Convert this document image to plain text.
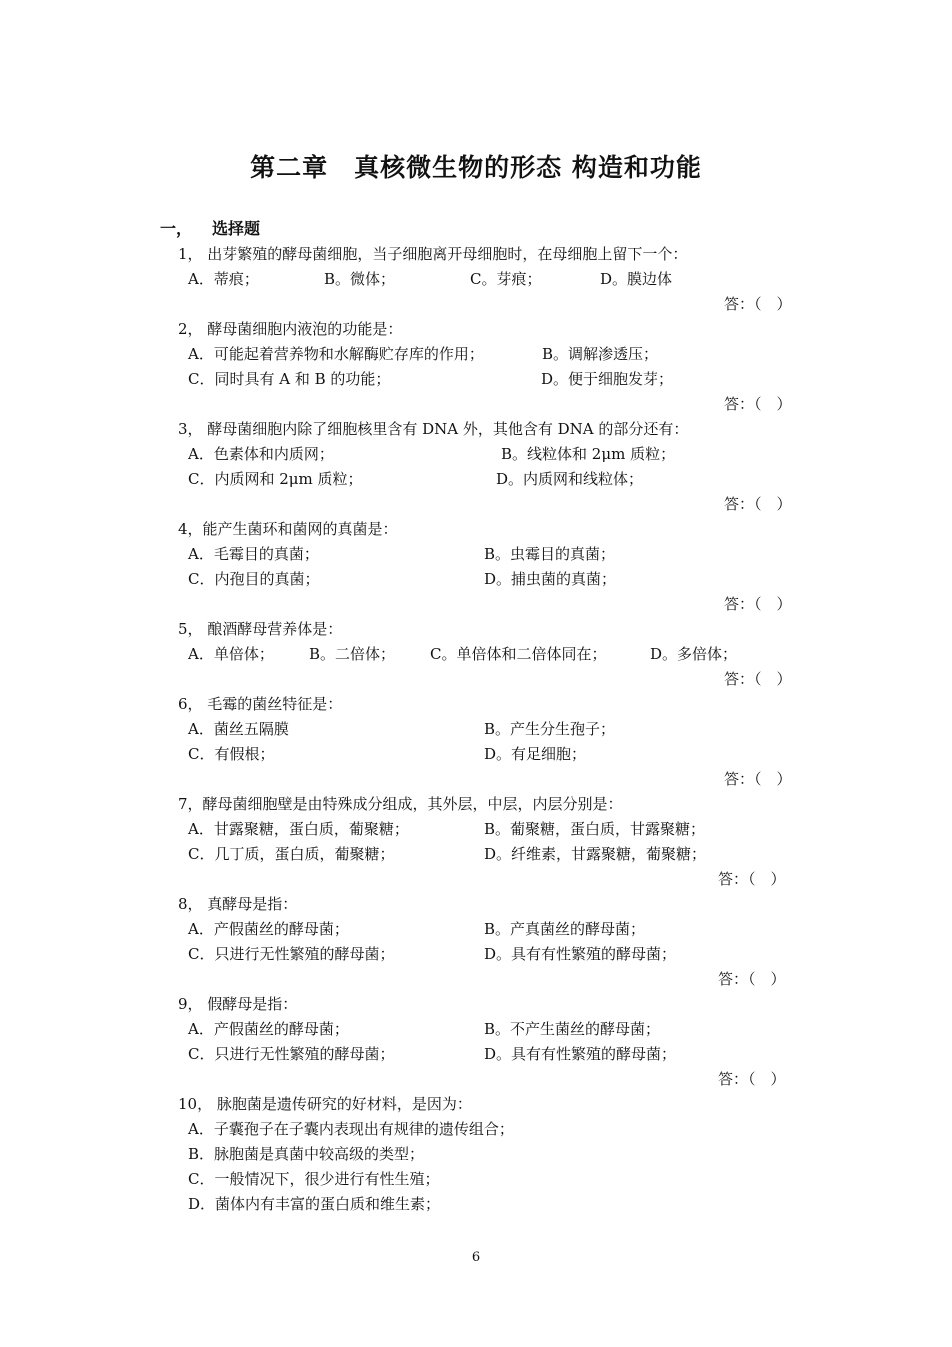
第二章　真核微生物的形态 构造和功能
一， 选择题
1， 出芽繁殖的酵母菌细胞，当子细胞离开母细胞时，在母细胞上留下一个：
A．蒂痕；	B。微体；	C。芽痕；	D。膜边体
答：（　）
2， 酵母菌细胞内液泡的功能是：
A．可能起着营养物和水解酶贮存库的作用；	B。调解渗透压；
C．同时具有 A 和 B 的功能；	D。便于细胞发芽；
答：（　）
3， 酵母菌细胞内除了细胞核里含有 DNA 外，其他含有 DNA 的部分还有：
A．色素体和内质网；	B。线粒体和 2μm 质粒；
C．内质网和 2μm 质粒；	D。内质网和线粒体；
答：（　）
4，能产生菌环和菌网的真菌是：
A．毛霉目的真菌；	B。虫霉目的真菌；
C．内孢目的真菌；	D。捕虫菌的真菌；
答：（　）
5， 酿酒酵母营养体是：
A．单倍体； B。二倍体； C。单倍体和二倍体同在；	D。多倍体；
答：（　）
6， 毛霉的菌丝特征是：
A．菌丝五隔膜	B。产生分生孢子；
C．有假根；	D。有足细胞；
答：（　）
7，酵母菌细胞壁是由特殊成分组成，其外层，中层，内层分别是：
A．甘露聚糖，蛋白质，葡聚糖；	B。葡聚糖，蛋白质，甘露聚糖；
C．几丁质，蛋白质，葡聚糖；	D。纤维素，甘露聚糖，葡聚糖；
答：（　）
8， 真酵母是指：
A．产假菌丝的酵母菌；	B。产真菌丝的酵母菌；
C．只进行无性繁殖的酵母菌；	D。具有有性繁殖的酵母菌；
答：（　）
9， 假酵母是指：
A．产假菌丝的酵母菌；	B。不产生菌丝的酵母菌；
C．只进行无性繁殖的酵母菌；	D。具有有性繁殖的酵母菌；
答：（　）
10， 脉胞菌是遗传研究的好材料，是因为：
A．子囊孢子在子囊内表现出有规律的遗传组合；
B．脉胞菌是真菌中较高级的类型；
C．一般情况下，很少进行有性生殖；
D．菌体内有丰富的蛋白质和维生素；
6
